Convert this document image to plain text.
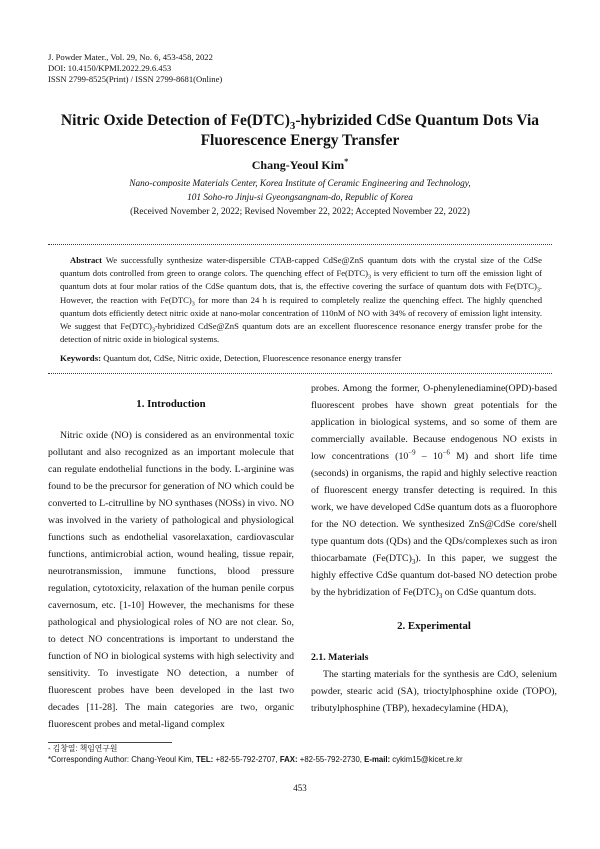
J. Powder Mater., Vol. 29, No. 6, 453-458, 2022
DOI: 10.4150/KPMI.2022.29.6.453
ISSN 2799-8525(Print) / ISSN 2799-8681(Online)
Nitric Oxide Detection of $Fe(DTC)_3$-hybrizided CdSe Quantum Dots Via
Fluorescence Energy Transfer
Chang-Yeoul Kim*
Nano-composite Materials Center, Korea Institute of Ceramic Engineering and Technology,
101 Soho-ro Jinju-si Gyeongsangnam-do, Republic of Korea
(Received November 2, 2022; Revised November 22, 2022; Accepted November 22, 2022)
Abstract We successfully synthesize water-dispersible CTAB-capped CdSe@ZnS quantum dots with the crystal size of the CdSe quantum dots controlled from green to orange colors. The quenching effect of $Fe(DTC)_3$ is very efficient to turn off the emission light of quantum dots at four molar ratios of the CdSe quantum dots, that is, the effective covering the surface of quantum dots with $Fe(DTC)_3$. However, the reaction with $Fe(DTC)_3$ for more than 24 h is required to completely realize the quenching effect. The highly quenched quantum dots efficiently detect nitric oxide at nano-molar concentration of 110nM of NO with 34% of recovery of emission light intensity. We suggest that $Fe(DTC)_3$-hybridized CdSe@ZnS quantum dots are an excellent fluorescence resonance energy transfer probe for the detection of nitric oxide in biological systems.
Keywords: Quantum dot, CdSe, Nitric oxide, Detection, Fluorescence resonance energy transfer
1. Introduction

Nitric oxide (NO) is considered as an environmental toxic pollutant and also recognized as an important molecule that can regulate endothelial functions in the body. L-arginine was found to be the precursor for generation of NO which could be converted to L-citrulline by NO synthases (NOSs) in vivo. NO was involved in the variety of pathological and physiological functions such as endothelial vasorelaxation, cardiovascular functions, antimicrobial action, wound healing, tissue repair, neurotransmission, immune functions, blood pressure regulation, cytotoxicity, relaxation of the human penile corpus cavernosum, etc. [1-10] However, the mechanisms for these pathological and physiological roles of NO are not clear. So, to detect NO concentrations is important to understand the function of NO in biological systems with high selectivity and sensitivity. To investigate NO detection, a number of fluorescent probes have been developed in the last two decades [11-28]. The main categories are two, organic fluorescent probes and metal-ligand complex

probes. Among the former, O-phenylenediamine(OPD)-based fluorescent probes have shown great potentials for the application in biological systems, and so some of them are commercially available. Because endogenous NO exists in low concentrations ($10^{-9} - 10^{-6}$ M) and short life time (seconds) in organisms, the rapid and highly selective reaction of fluorescent energy transfer detecting is required. In this work, we have developed CdSe quantum dots as a fluorophore for the NO detection. We synthesized ZnS@CdSe core/shell type quantum dots (QDs) and the QDs/complexes such as iron thiocarbamate $(Fe(DTC)_3)$. In this paper, we suggest the highly effective CdSe quantum dot-based NO detection probe by the hybridization of $Fe(DTC)_3$ on CdSe quantum dots.

2. Experimental
2.1. Materials

The starting materials for the synthesis are CdO, selenium powder, stearic acid (SA), trioctylphosphine oxide (TOPO), tributylphosphine (TBP), hexadecylamine (HDA),

- 김창열: 책임연구원
*Corresponding Author: Chang-Yeoul Kim, TEL: +82-55-792-2707, FAX: +82-55-792-2730, E-mail: cykim15@kicet.re.kr
453
